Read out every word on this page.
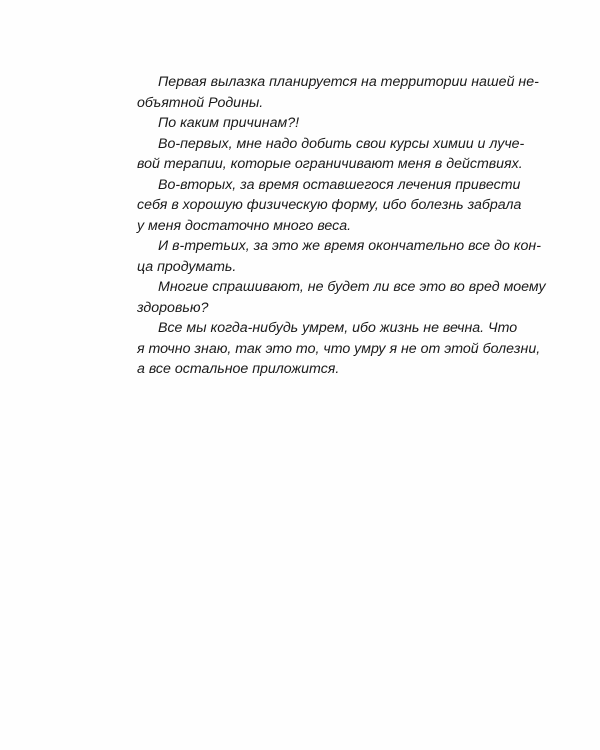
Первая вылазка планируется на территории нашей не-
объятной Родины.
По каким причинам?!
Во-первых, мне надо добить свои курсы химии и луче-
вой терапии, которые ограничивают меня в действиях.
Во-вторых, за время оставшегося лечения привести
себя в хорошую физическую форму, ибо болезнь забрала
у меня достаточно много веса.
И в-третьих, за это же время окончательно все до кон-
ца продумать.
Многие спрашивают, не будет ли все это во вред моему
здоровью?
Все мы когда-нибудь умрем, ибо жизнь не вечна. Что
я точно знаю, так это то, что умру я не от этой болезни,
а все остальное приложится.
